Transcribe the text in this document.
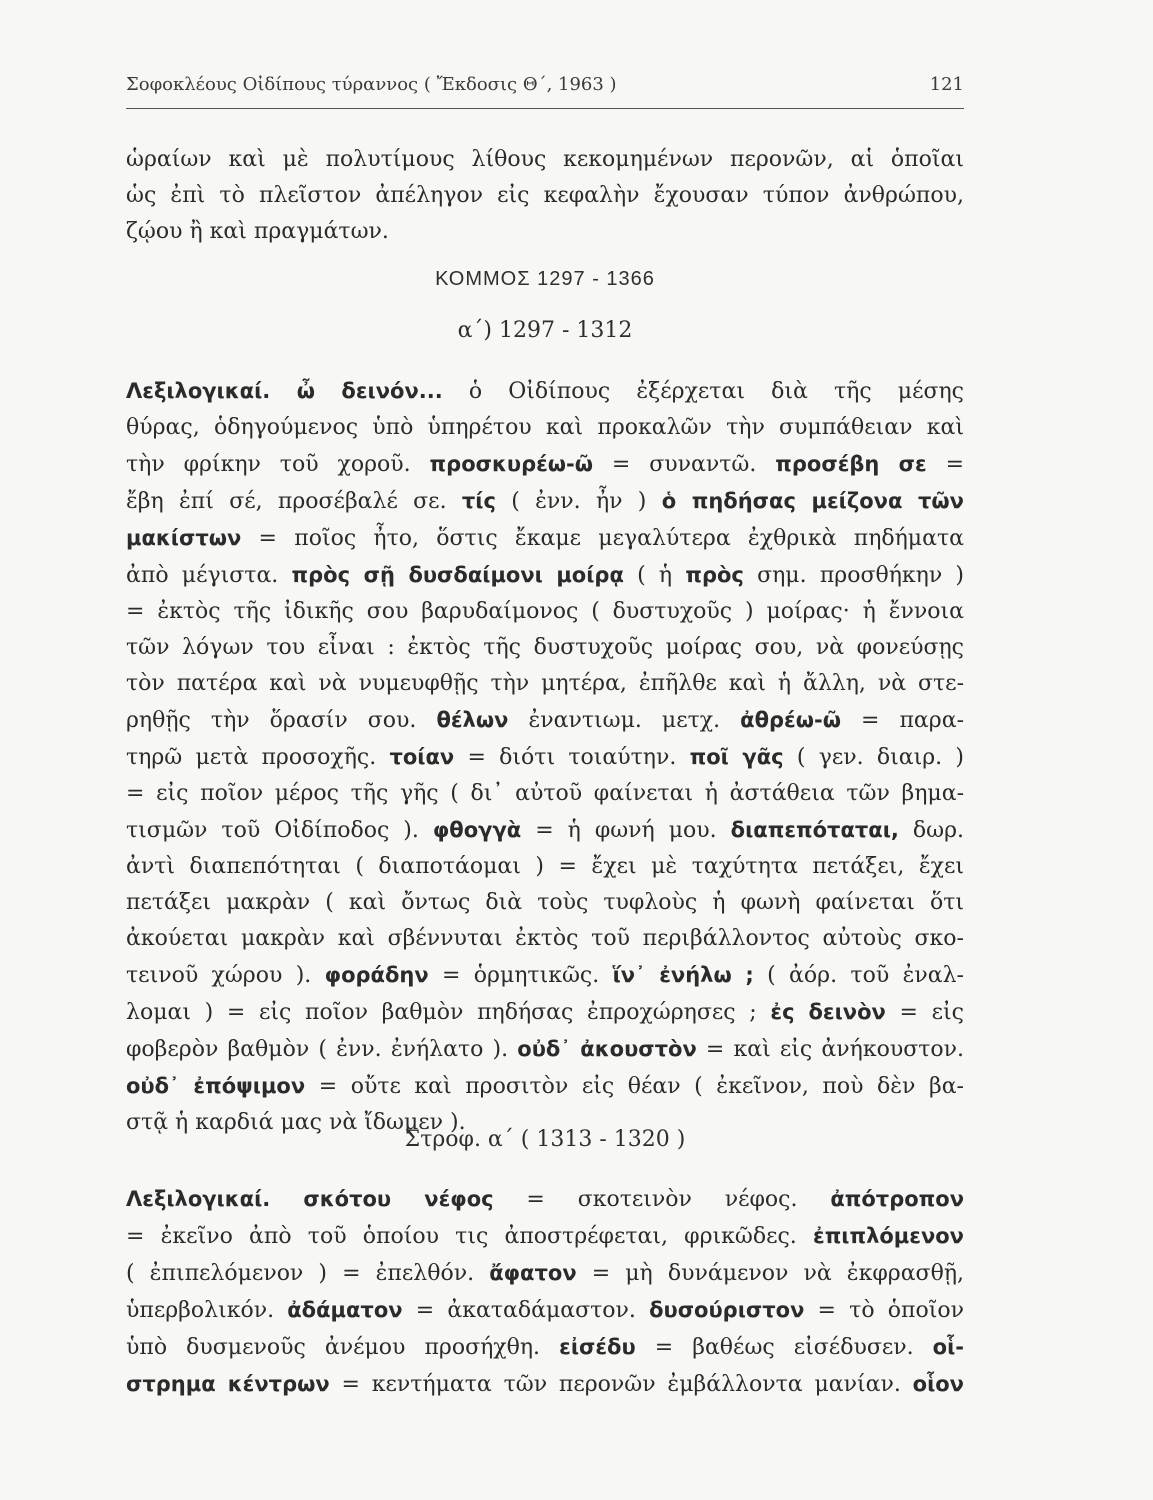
Σοφοκλέους Οἰδίπους τύραννος ( Ἔκδοσις Θ΄, 1963 )	121
ὡραίων καὶ μὲ πολυτίμους λίθους κεκομημένων περονῶν, αἱ ὁποῖαι
ὡς ἐπὶ τὸ πλεῖστον ἀπέληγον εἰς κεφαλὴν ἔχουσαν τύπον ἀνθρώπου,
ζῴου ἢ καὶ πραγμάτων.
ΚΟΜΜΟΣ 1297 - 1366
α΄) 1297 - 1312
Λεξιλογικαί. ὦ δεινόν... ὁ Οἰδίπους ἐξέρχεται διὰ τῆς μέσης
θύρας, ὁδηγούμενος ὑπὸ ὑπηρέτου καὶ προκαλῶν τὴν συμπάθειαν καὶ
τὴν φρίκην τοῦ χοροῦ. προσκυρέω-ῶ = συναντῶ. προσέβη σε =
ἔβη ἐπί σέ, προσέβαλέ σε. τίς ( ἐνν. ἦν ) ὁ πηδήσας μείζονα τῶν
μακίστων = ποῖος ἦτο, ὅστις ἔκαμε μεγαλύτερα ἐχθρικὰ πηδήματα
ἀπὸ μέγιστα. πρὸς σῇ δυσδαίμονι μοίρᾳ ( ἡ πρὸς σημ. προσθήκην )
= ἐκτὸς τῆς ἰδικῆς σου βαρυδαίμονος ( δυστυχοῦς ) μοίρας· ἡ ἔννοια
τῶν λόγων του εἶναι : ἐκτὸς τῆς δυστυχοῦς μοίρας σου, νὰ φονεύσῃς
τὸν πατέρα καὶ νὰ νυμευφθῇς τὴν μητέρα, ἐπῆλθε καὶ ἡ ἄλλη, νὰ στε-
ρηθῇς τὴν ὅρασίν σου. θέλων ἐναντιωμ. μετχ. ἀθρέω-ῶ = παρα-
τηρῶ μετὰ προσοχῆς. τοίαν = διότι τοιαύτην. ποῖ γᾶς ( γεν. διαιρ. )
= εἰς ποῖον μέρος τῆς γῆς ( δι᾽ αὐτοῦ φαίνεται ἡ ἀστάθεια τῶν βημα-
τισμῶν τοῦ Οἰδίποδος ). φθογγὰ = ἡ φωνή μου. διαπεπόταται, δωρ.
ἀντὶ διαπεπότηται ( διαποτάομαι ) = ἔχει μὲ ταχύτητα πετάξει, ἔχει
πετάξει μακρὰν ( καὶ ὄντως διὰ τοὺς τυφλοὺς ἡ φωνὴ φαίνεται ὅτι
ἀκούεται μακρὰν καὶ σβέννυται ἐκτὸς τοῦ περιβάλλοντος αὐτοὺς σκο-
τεινοῦ χώρου ). φοράδην = ὁρμητικῶς. ἵν᾽ ἐνήλω ; ( ἀόρ. τοῦ ἐναλ-
λομαι ) = εἰς ποῖον βαθμὸν πηδήσας ἐπροχώρησες ; ἐς δεινὸν = εἰς
φοβερὸν βαθμὸν ( ἐνν. ἐνήλατο ). οὐδ᾽ ἀκουστὸν = καὶ εἰς ἀνήκουστον.
οὐδ᾽ ἐπόψιμον = οὔτε καὶ προσιτὸν εἰς θέαν ( ἐκεῖνον, ποὺ δὲν βα-
στᾷ ἡ καρδιά μας νὰ ἴδωμεν ).
Στροφ. α΄ ( 1313 - 1320 )
Λεξιλογικαί. σκότου νέφος = σκοτεινὸν νέφος. ἀπότροπον
= ἐκεῖνο ἀπὸ τοῦ ὁποίου τις ἀποστρέφεται, φρικῶδες. ἐπιπλόμενον
( ἐπιπελόμενον ) = ἐπελθόν. ἄφατον = μὴ δυνάμενον νὰ ἐκφρασθῇ,
ὑπερβολικόν. ἀδάματον = ἀκαταδάμαστον. δυσούριστον = τὸ ὁποῖον
ὑπὸ δυσμενοῦς ἀνέμου προσήχθη. εἰσέδυ = βαθέως εἰσέδυσεν. οἷ-
στρημα κέντρων = κεντήματα τῶν περονῶν ἐμβάλλοντα μανίαν. οἷον
